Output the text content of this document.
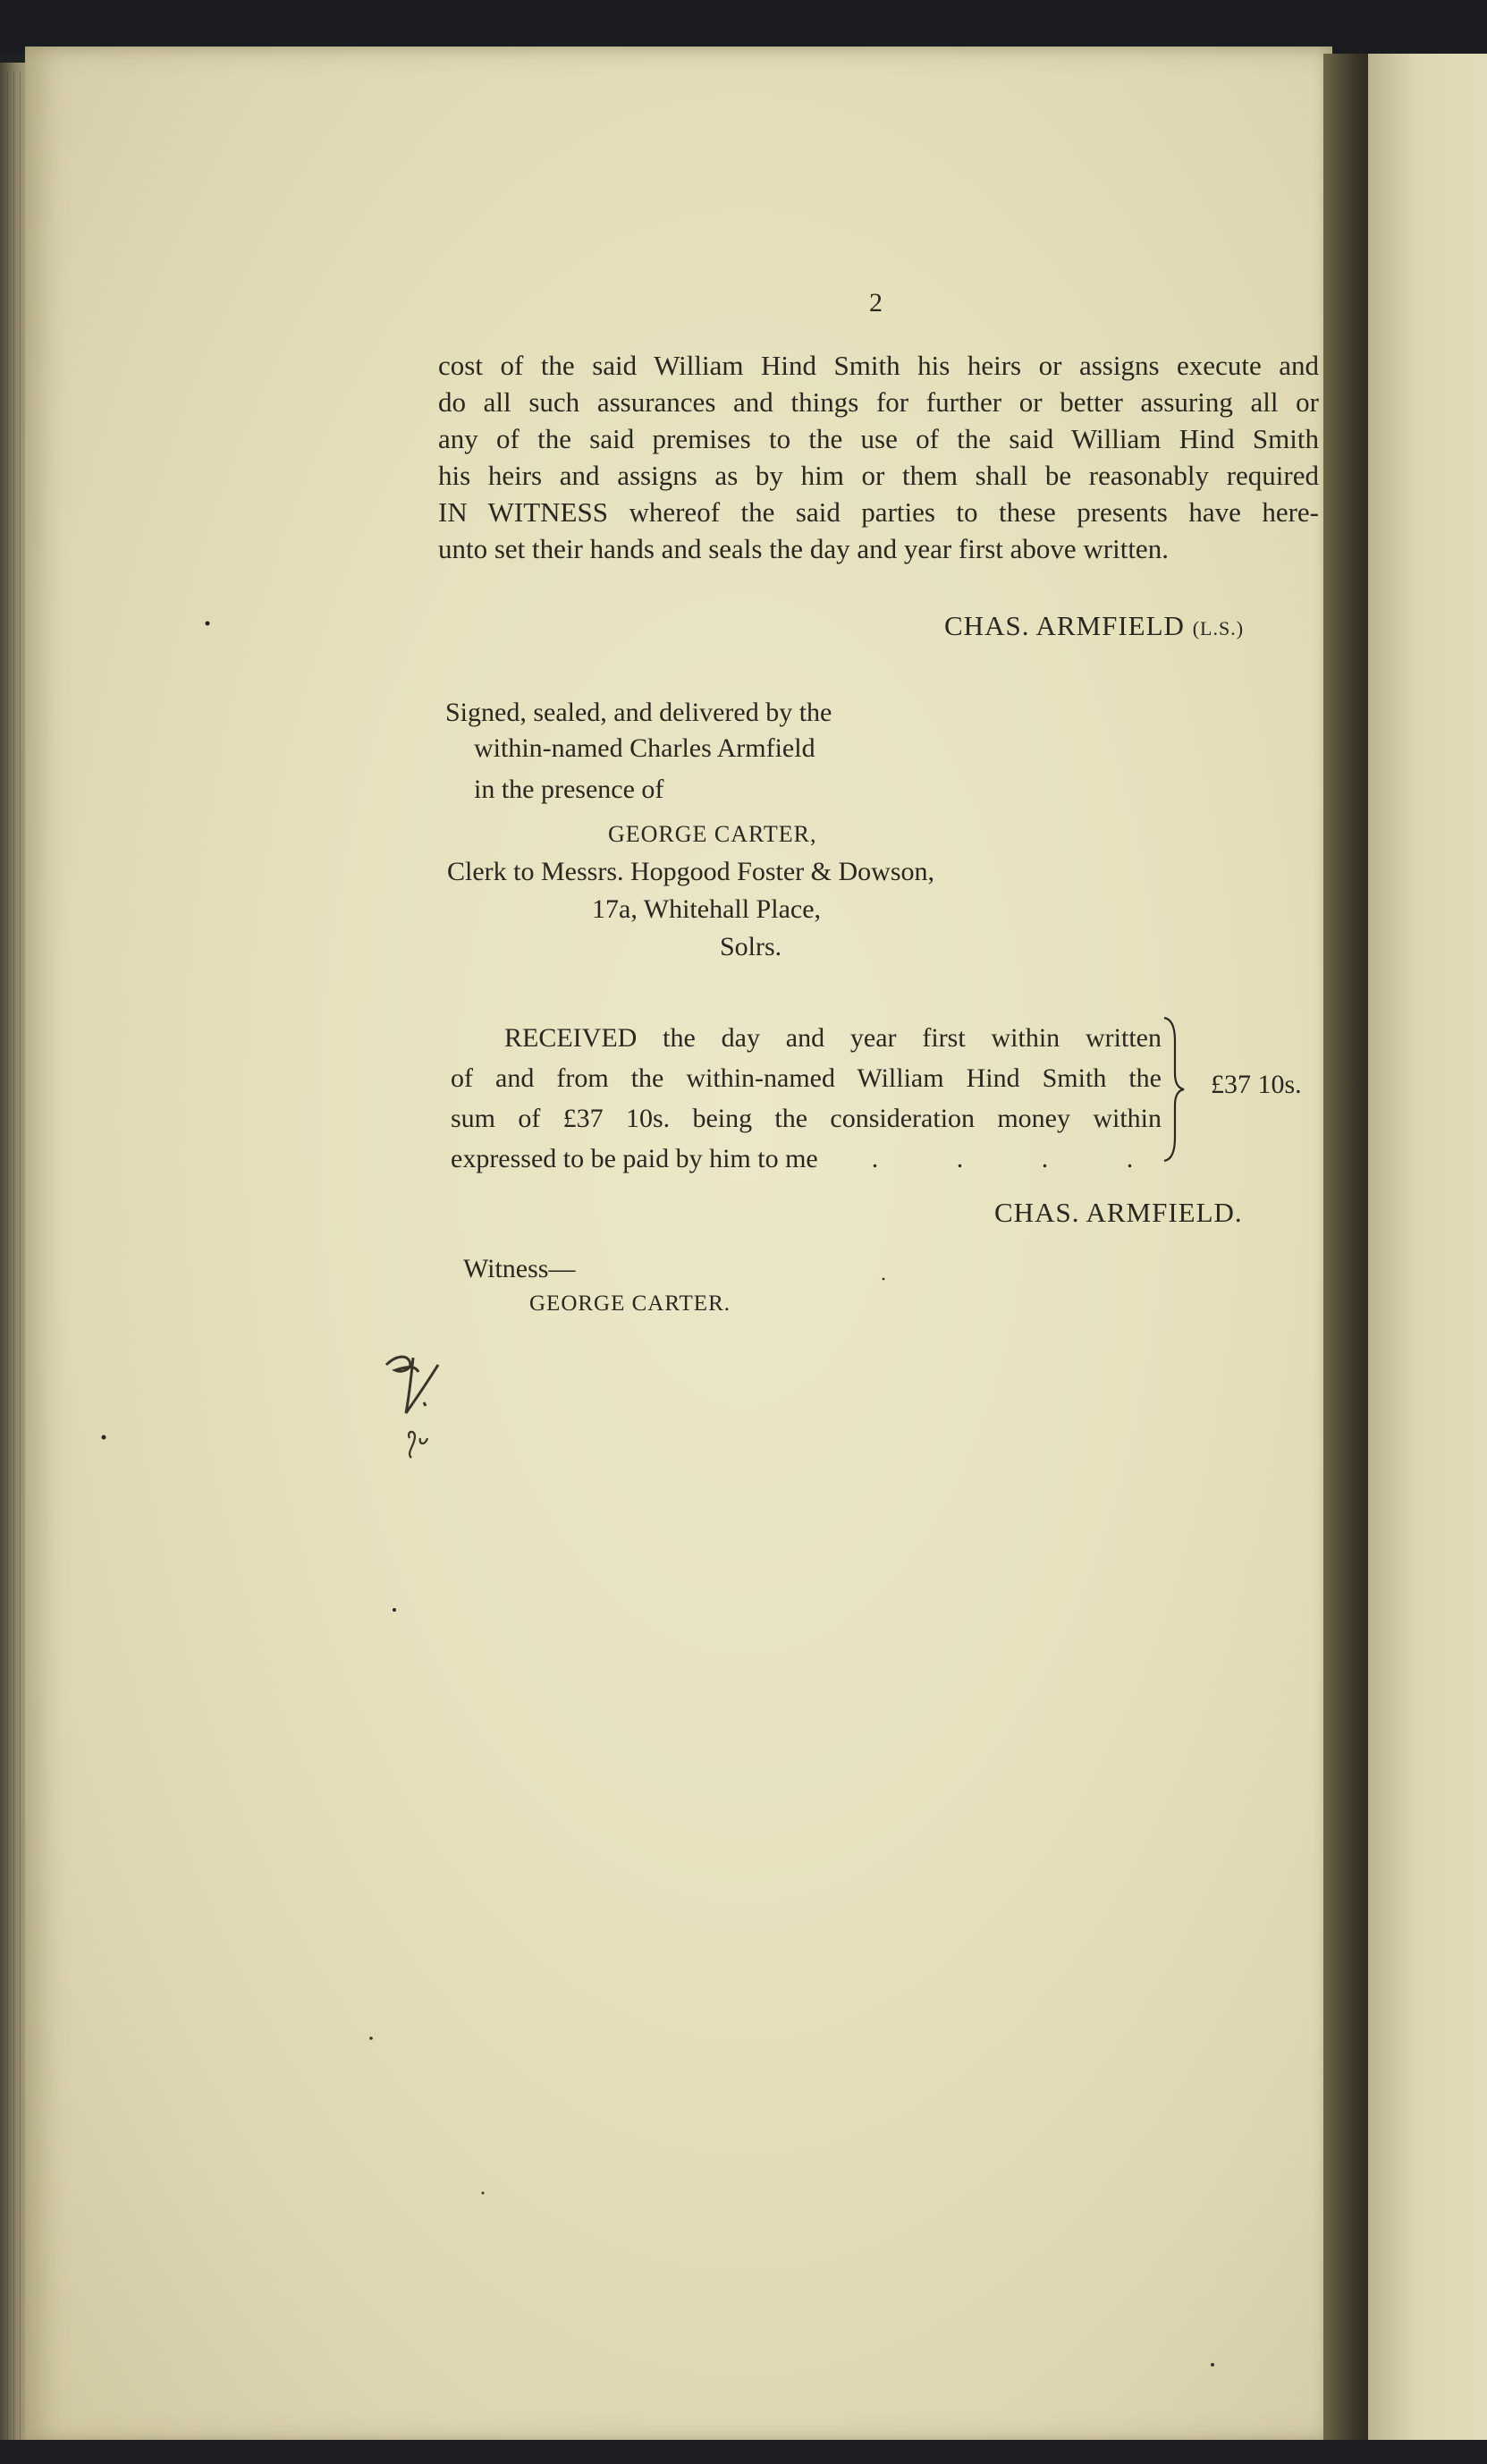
2
cost of the said William Hind Smith his heirs or assigns execute and
do all such assurances and things for further or better assuring all or
any of the said premises to the use of the said William Hind Smith
his heirs and assigns as by him or them shall be reasonably required
IN WITNESS whereof the said parties to these presents have here-
unto set their hands and seals the day and year first above written.
CHAS. ARMFIELD (L.S.)
Signed, sealed, and delivered by the
within-named Charles Armfield
in the presence of
GEORGE CARTER,
Clerk to Messrs. Hopgood Foster & Dowson,
17a, Whitehall Place,
Solrs.
RECEIVED the day and year first within written
of and from the within-named William Hind Smith the
sum of £37 10s. being the consideration money within
expressed to be paid by him to me . . . .
£37 10s.
CHAS. ARMFIELD.
Witness—
GEORGE CARTER.
